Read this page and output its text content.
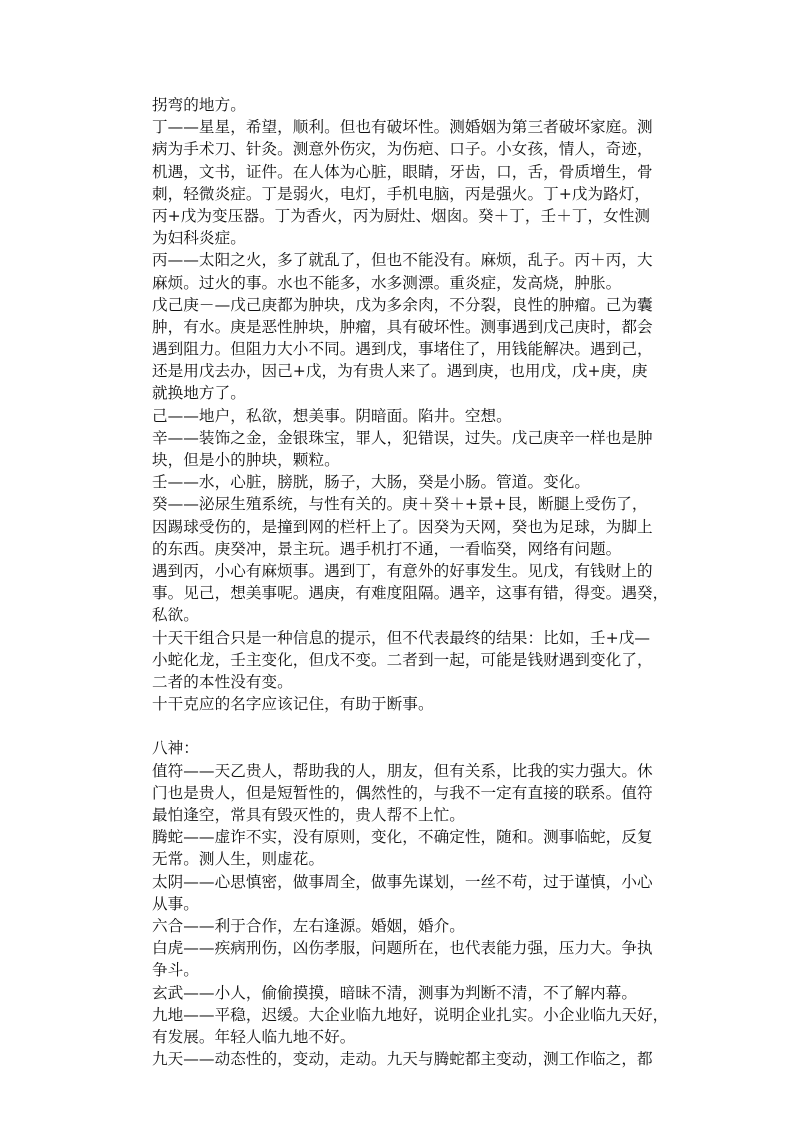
拐弯的地方。
丁——星星，希望，顺利。但也有破坏性。测婚姻为第三者破坏家庭。测
病为手术刀、针灸。测意外伤灾，为伤疤、口子。小女孩，情人，奇迹，
机遇，文书，证件。在人体为心脏，眼睛，牙齿，口，舌，骨质增生，骨
刺，轻微炎症。丁是弱火，电灯，手机电脑，丙是强火。丁+戊为路灯，
丙+戊为变压器。丁为香火，丙为厨灶、烟囱。癸＋丁，壬＋丁，女性测
为妇科炎症。
丙——太阳之火，多了就乱了，但也不能没有。麻烦，乱子。丙＋丙，大
麻烦。过火的事。水也不能多，水多测漂。重炎症，发高烧，肿胀。
戊己庚－—戊己庚都为肿块，戊为多余肉，不分裂，良性的肿瘤。己为囊
肿，有水。庚是恶性肿块，肿瘤，具有破坏性。测事遇到戊己庚时，都会
遇到阻力。但阻力大小不同。遇到戊，事堵住了，用钱能解决。遇到己，
还是用戊去办，因己+戊，为有贵人来了。遇到庚，也用戊，戊+庚，庚
就换地方了。
己——地户，私欲，想美事。阴暗面。陷井。空想。
辛——装饰之金，金银珠宝，罪人，犯错误，过失。戊己庚辛一样也是肿
块，但是小的肿块，颗粒。
壬——水，心脏，膀胱，肠子，大肠，癸是小肠。管道。变化。
癸——泌尿生殖系统，与性有关的。庚＋癸＋+景+艮，断腿上受伤了，
因踢球受伤的，是撞到网的栏杆上了。因癸为天网，癸也为足球，为脚上
的东西。庚癸冲，景主玩。遇手机打不通，一看临癸，网络有问题。
遇到丙，小心有麻烦事。遇到丁，有意外的好事发生。见戊，有钱财上的
事。见己，想美事呢。遇庚，有难度阻隔。遇辛，这事有错，得变。遇癸，
私欲。
十天干组合只是一种信息的提示，但不代表最终的结果：比如，壬+戊—
小蛇化龙，壬主变化，但戊不变。二者到一起，可能是钱财遇到变化了，
二者的本性没有变。
十干克应的名字应该记住，有助于断事。
八神：
值符——天乙贵人，帮助我的人，朋友，但有关系，比我的实力强大。休
门也是贵人，但是短暂性的，偶然性的，与我不一定有直接的联系。值符
最怕逢空，常具有毁灭性的，贵人帮不上忙。
腾蛇——虚诈不实，没有原则，变化，不确定性，随和。测事临蛇，反复
无常。测人生，则虚花。
太阴——心思慎密，做事周全，做事先谋划，一丝不苟，过于谨慎，小心
从事。
六合——利于合作，左右逢源。婚姻，婚介。
白虎——疾病刑伤，凶伤孝服，问题所在，也代表能力强，压力大。争执
争斗。
玄武——小人，偷偷摸摸，暗昧不清，测事为判断不清，不了解内幕。
九地——平稳，迟缓。大企业临九地好，说明企业扎实。小企业临九天好，
有发展。年轻人临九地不好。
九天——动态性的，变动，走动。九天与腾蛇都主变动，测工作临之，都
